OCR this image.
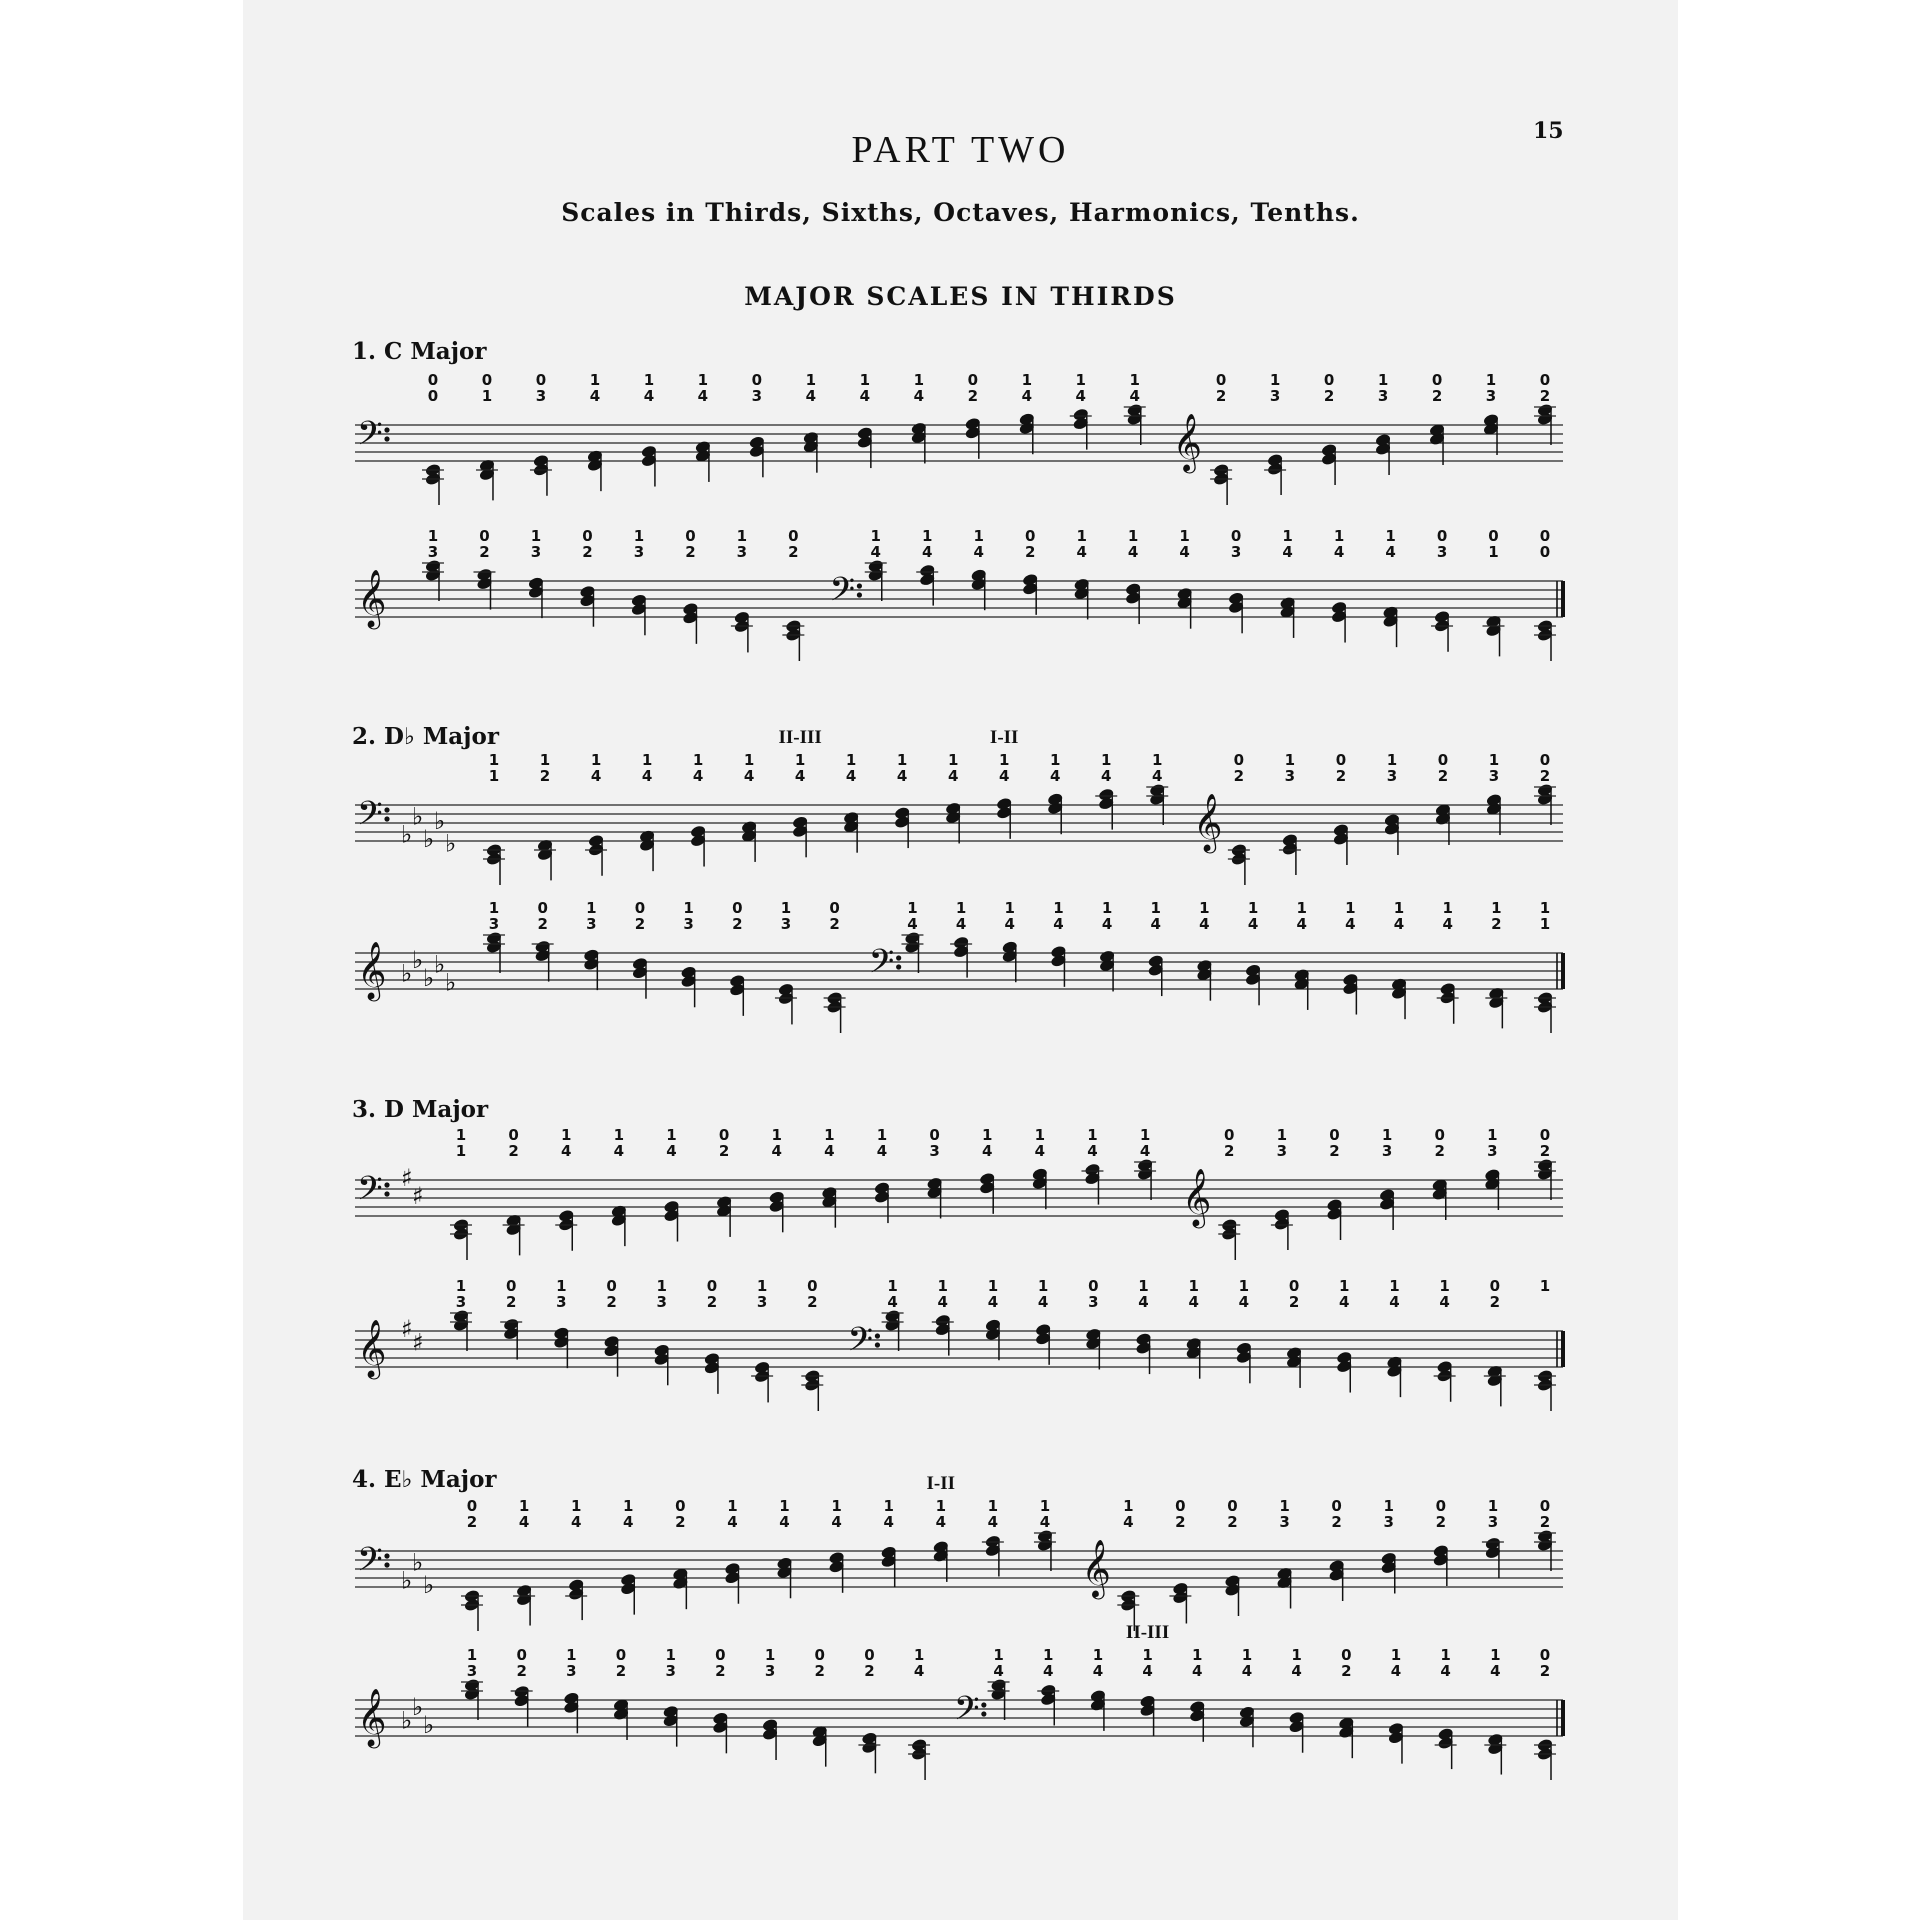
15
PART TWO
Scales in Thirds, Sixths, Octaves, Harmonics, Tenths.
MAJOR SCALES IN THIRDS
1. C Major
2. D♭ Major
3. D Major
4. E♭ Major
𝄢
0
0
0
1
0
3
1
4
1
4
1
4
0
3
1
4
1
4
1
4
0
2
1
4
1
4
1
4
0
2
𝄞
1
3
0
2
1
3
0
2
1
3
0
2
𝄞
1
3
0
2
1
3
0
2
1
3
0
2
1
3
0
2
1
4
𝄢
1
4
1
4
0
2
1
4
1
4
1
4
0
3
1
4
1
4
1
4
0
3
0
1
0
0
𝄢 ♭
♭
♭
♭
♭
1
1
1
2
1
4
1
4
1
4
1
4
1
4
II-III
1
4
1
4
1
4
1
4
I-II
1
4
1
4
1
4
0
2
𝄞
1
3
0
2
1
3
0
2
1
3
0
2
𝄞 ♭ ♭
♭ ♭
♭
1
3
0
2
1
3
0
2
1
3
0
2
1
3
0
2
1
4
𝄢
1
4
1
4
1
4
1
4
1
4
1
4
1
4
1
4
1
4
1
4
1
4
1
2
1
1
𝄢 ♯
♯
1
1
0
2
1
4
1
4
1
4
0
2
1
4
1
4
1
4
0
3
1
4
1
4
1
4
1
4
0
2
𝄞
1
3
0
2
1
3
0
2
1
3
0
2
𝄞 ♯ ♯
1
3
0
2
1
3
0
2
1
3
0
2
1
3
0
2
1
4
𝄢
1
4
1
4
1
4
0
3
1
4
1
4
1
4
0
2
1
4
1
4
1
4
0
2
1
𝄢 ♭
♭
♭
0
2
1
4
1
4
1
4
0
2
1
4
1
4
1
4
1
4
1
4
I-II
1
4
1
4
1
4
𝄞
0
2
0
2
1
3
0
2
1
3
0
2
1
3
0
2
𝄞 ♭ ♭
♭
1
3
0
2
1
3
0
2
1
3
0
2
1
3
0
2
0
2
1
4
1
4
𝄢
1
4
1
4
1
4
II-III
1
4
1
4
1
4
0
2
1
4
1
4
1
4
0
2
